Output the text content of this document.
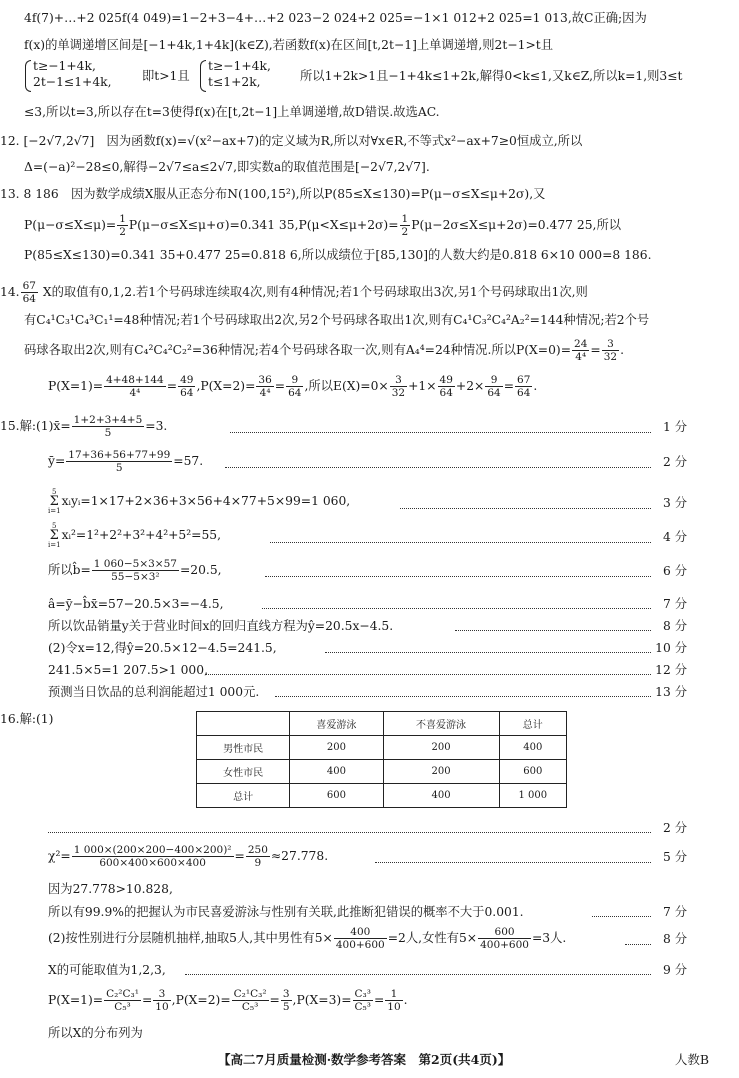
4f(7)+…+2 025f(4 049)=1−2+3−4+…+2 023−2 024+2 025=−1×1 012+2 025=1 013,故C正确;因为
f(x)的单调递增区间是[−1+4k,1+4k](k∈Z),若函数f(x)在区间[t,2t−1]上单调递增,则2t−1>t且
t≥−1+4k,
2t−1≤1+4k, 即t>1且
t≥−1+4k,
t≤1+2k,	所以1+2k>1且−1+4k≤1+2k,解得0<k≤1,又k∈Z,所以k=1,则3≤t
≤3,所以t=3,所以存在t=3使得f(x)在[t,2t−1]上单调递增,故D错误.故选AC.
12. [−2√7,2√7]　因为函数f(x)=√(x²−ax+7)的定义域为R,所以对∀x∈R,不等式x²−ax+7≥0恒成立,所以
Δ=(−a)²−28≤0,解得−2√7≤a≤2√7,即实数a的取值范围是[−2√7,2√7].
13. 8 186　因为数学成绩X服从正态分布N(100,15²),所以P(85≤X≤130)=P(μ−σ≤X≤μ+2σ),又
$P(\mu-\sigma\le X\le\mu)= \frac{1}{2} P(\mu-\sigma\le X\le\mu+\sigma)=0.341$ $35,P(\mu<X\le\mu+2\sigma)= \frac{1}{2} P(\mu-2\sigma\le X\le\mu+2\sigma)=0.477$ 25,所以
P(85≤X≤130)=0.341 35+0.477 25=0.818 6,所以成绩位于[85,130]的人数大约是0.818 6×10 000=8 186.
14. $\frac{67}{64}$ X的取值有0,1,2.若1个号码球连续取4次,则有4种情况;若1个号码球取出3次,另1个号码球取出1次,则
有C₄¹C₃¹C₄³C₁¹=48种情况;若1个号码球取出2次,另2个号码球各取出1次,则有C₄¹C₃²C₄²A₂²=144种情况;若2个号
码球各取出2次,则有C₄²C₄²C₂²=36种情况;若4个号码球各取一次,则有A₄⁴=24种情况.所以$P(X=0)= \frac{24}{\text{4⁴}} = \frac{3}{32}$ .
$P(X=1)= \frac{4+48+144}{\text{4⁴}} = \frac{49}{64} ,P(X=2)= \frac{36}{\text{4⁴}} = \frac{9}{64}$ ,所以$E(X)=0\times \frac{3}{32} +1\times \frac{49}{64} +2\times \frac{9}{64} = \frac{67}{64}$ .
15.解:(1)x̄= $\frac{1+2+3+4+5}{5} =3$.	1 分
ȳ= $\frac{17+36+56+77+99}{5} =57$.	2 分
5
Σ
i=1xᵢyᵢ=1×17+2×36+3×56+4×77+5×99=1 060,	3 分
5
Σ
i=1xᵢ²=1²+2²+3²+4²+5²=55,	4 分
所以b̂= $\frac{1 060-5\times 3\times 57}{\text{55−5×3²}} =20.5$,	6 分
â=ȳ−b̂x̄=57−20.5×3=−4.5,	7 分
所以饮品销量y关于营业时间x的回归直线方程为ŷ=20.5x−4.5.	8 分
(2)令x=12,得ŷ=20.5×12−4.5=241.5,	10 分
241.5×5=1 207.5>1 000,	12 分
预测当日饮品的总利润能超过1 000元.	13 分
16.解:(1)
		喜爱游泳	不喜爱游泳	总计
男性市民	200	200	400
女性市民	400	200	600
总计	600	400	1 000
2 分
$\chi^2= \frac{\text{1 000×(200×200−400×200)²}}{600\times 400\times 600\times 400} = \frac{250}{9} \approx 27.778$.	5 分
因为27.778>10.828,
所以有99.9%的把握认为市民喜爱游泳与性别有关联,此推断犯错误的概率不大于0.001.	7 分
(2)按性别进行分层随机抽样,抽取5人,其中男性有$5\times \frac{400}{400+600} =2$人,女性有$5\times \frac{600}{400+600} =3$人.	8 分
X的可能取值为1,2,3,	9 分
$P(X=1)= \frac{\text{C₂²C₃¹}}{\text{C₅³}} = \frac{3}{10} ,P(X=2)= \frac{\text{C₂¹C₃²}}{\text{C₅³}} = \frac{3}{5} ,P(X=3)= \frac{\text{C₃³}}{\text{C₅³}} = \frac{1}{10}$ .
所以X的分布列为
【高二7月质量检测·数学参考答案　第2页(共4页)】	人教B
